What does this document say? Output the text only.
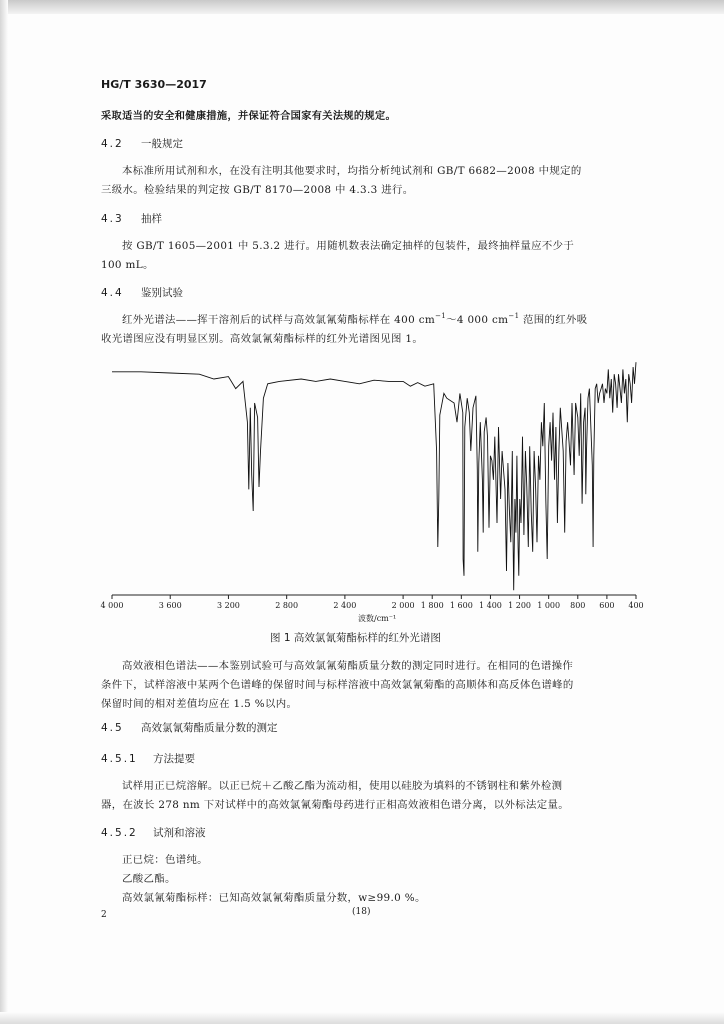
HG/T 3630—2017
采取适当的安全和健康措施，并保证符合国家有关法规的规定。
4.2 一般规定
本标准所用试剂和水，在没有注明其他要求时，均指分析纯试剂和 GB/T 6682—2008 中规定的
三级水。检验结果的判定按 GB/T 8170—2008 中 4.3.3 进行。
4.3 抽样
按 GB/T 1605—2001 中 5.3.2 进行。用随机数表法确定抽样的包装件，最终抽样量应不少于
100 mL。
4.4 鉴别试验
红外光谱法——挥干溶剂后的试样与高效氯氰菊酯标样在 400 $cm^{-1}\sim 4$ 000 $cm^{-1}$ 范围的红外吸
收光谱图应没有明显区别。高效氯氰菊酯标样的红外光谱图见图 1。
4 000	3 600	3 200	2 800	2 400	2 000 1 800 1 600 1 400 1 200 1 000 800 600 400
波数/cm⁻¹
图 1 高效氯氰菊酯标样的红外光谱图
高效液相色谱法——本鉴别试验可与高效氯氰菊酯质量分数的测定同时进行。在相同的色谱操作
条件下，试样溶液中某两个色谱峰的保留时间与标样溶液中高效氯氰菊酯的高顺体和高反体色谱峰的
保留时间的相对差值均应在 1.5 %以内。
4.5 高效氯氰菊酯质量分数的测定
4.5.1 方法提要
试样用正已烷溶解。以正已烷＋乙酸乙酯为流动相，使用以硅胶为填料的不锈钢柱和紫外检测
器，在波长 278 nm 下对试样中的高效氯氰菊酯母药进行正相高效液相色谱分离，以外标法定量。
4.5.2 试剂和溶液
正已烷：色谱纯。
乙酸乙酯。
高效氯氰菊酯标样：已知高效氯氰菊酯质量分数，w≥99.0 %。
2	(18)
